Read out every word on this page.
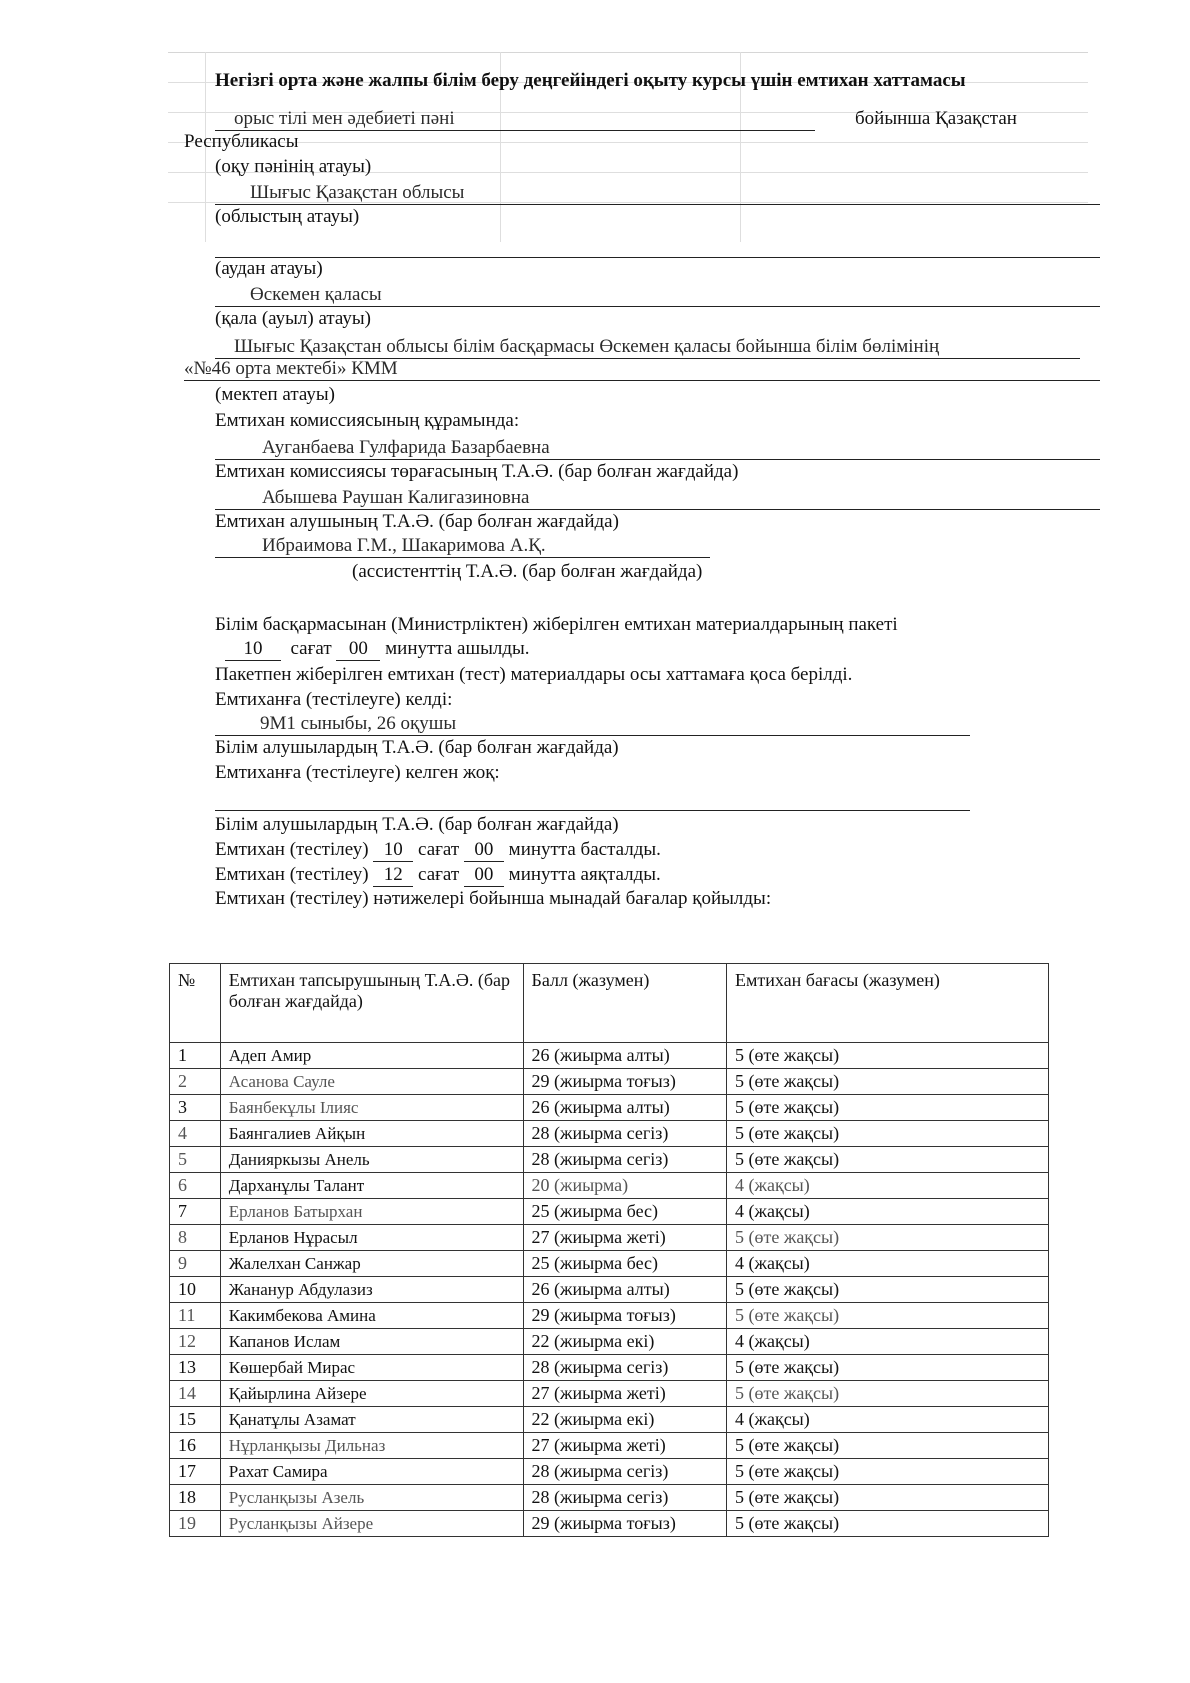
Негізгі орта және жалпы білім беру деңгейіндегі оқыту курсы үшін емтихан хаттамасы
орыс тілі мен әдебиеті пәні	бойынша Қазақстан
Республикасы
(оқу пәнінің атауы)
Шығыс Қазақстан облысы
(облыстың атауы)
(аудан атауы)
Өскемен қаласы
(қала (ауыл) атауы)
Шығыс Қазақстан облысы білім басқармасы Өскемен қаласы бойынша білім бөлімінің
«№46 орта мектебі» КММ
(мектеп атауы)
Емтихан комиссиясының құрамында:
Ауганбаева Гулфарида Базарбаевна
Емтихан комиссиясы төрағасының Т.А.Ә. (бар болған жағдайда)
Абышева Раушан Калигазиновна
Емтихан алушының Т.А.Ә. (бар болған жағдайда)
Ибраимова Г.М., Шакаримова А.Қ.
(ассистенттің Т.А.Ә. (бар болған жағдайда)
Білім басқармасынан (Министрліктен) жіберілген емтихан материалдарының пакеті
10 сағат 00 минутта ашылды.
Пакетпен жіберілген емтихан (тест) материалдары осы хаттамаға қоса берілді.
Емтиханға (тестілеуге) келді:
9М1 сыныбы, 26 оқушы
Білім алушылардың Т.А.Ә. (бар болған жағдайда)
Емтиханға (тестілеуге) келген жоқ:
Білім алушылардың Т.А.Ә. (бар болған жағдайда)
Емтихан (тестілеу) 10 сағат 00 минутта басталды.
Емтихан (тестілеу) 12 сағат 00 минутта аяқталды.
Емтихан (тестілеу) нәтижелері бойынша мынадай бағалар қойылды:
№	Емтихан тапсырушының Т.А.Ә. (бар болған жағдайда)	Балл (жазумен)	Емтихан бағасы (жазумен)
1	Адеп Амир	26 (жиырма алты)	5 (өте жақсы)
2	Асанова Сауле	29 (жиырма тоғыз)	5 (өте жақсы)
3	Баянбекұлы Ілияс	26 (жиырма алты)	5 (өте жақсы)
4	Баянгалиев Айқын	28 (жиырма сегіз)	5 (өте жақсы)
5	Данияркызы Анель	28 (жиырма сегіз)	5 (өте жақсы)
6	Дарханұлы Талант	20 (жиырма)	4 (жақсы)
7	Ерланов Батырхан	25 (жиырма бес)	4 (жақсы)
8	Ерланов Нұрасыл	27 (жиырма жеті)	5 (өте жақсы)
9	Жалелхан Санжар	25 (жиырма бес)	4 (жақсы)
10	Жананур Абдулазиз	26 (жиырма алты)	5 (өте жақсы)
11	Какимбекова Амина	29 (жиырма тоғыз)	5 (өте жақсы)
12	Капанов Ислам	22 (жиырма екі)	4 (жақсы)
13	Көшербай Мирас	28 (жиырма сегіз)	5 (өте жақсы)
14	Қайырлина Айзере	27 (жиырма жеті)	5 (өте жақсы)
15	Қанатұлы Азамат	22 (жиырма екі)	4 (жақсы)
16	Нұрланқызы Дильназ	27 (жиырма жеті)	5 (өте жақсы)
17	Рахат Самира	28 (жиырма сегіз)	5 (өте жақсы)
18	Русланқызы Азель	28 (жиырма сегіз)	5 (өте жақсы)
19	Русланқызы Айзере	29 (жиырма тоғыз)	5 (өте жақсы)
